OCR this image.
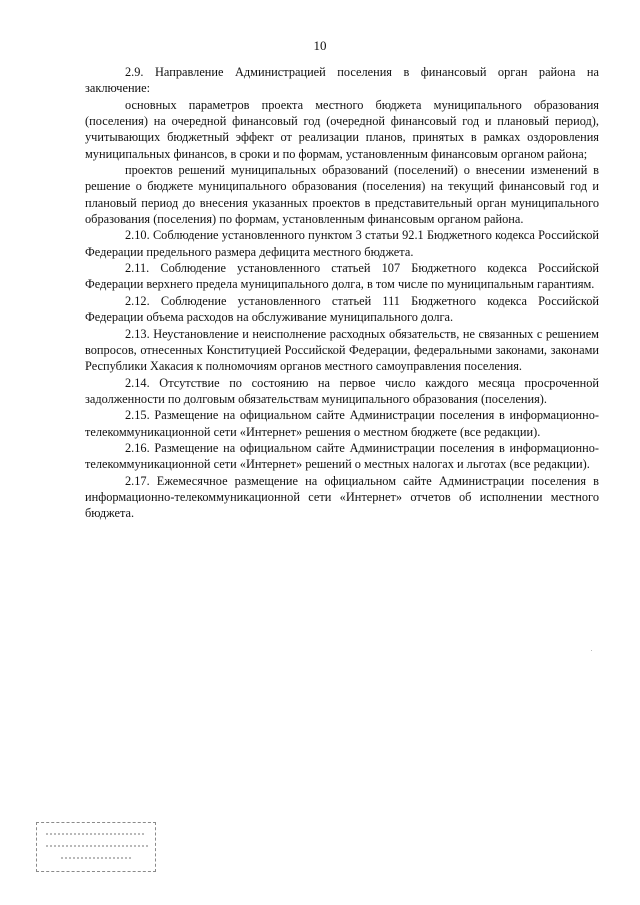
10

2.9. Направление Администрацией поселения в финансовый орган района на заключение:

основных параметров проекта местного бюджета муниципального образования (поселения) на очередной финансовый год (очередной финансовый год и плановый период), учитывающих бюджетный эффект от реализации планов, принятых в рамках оздоровления муниципальных финансов, в сроки и по формам, установленным финансовым органом района;

проектов решений муниципальных образований (поселений) о внесении изменений в решение о бюджете муниципального образования (поселения) на текущий финансовый год и плановый период до внесения указанных проектов в представительный орган муниципального образования (поселения) по формам, установленным финансовым органом района.

2.10. Соблюдение установленного пунктом 3 статьи 92.1 Бюджетного кодекса Российской Федерации предельного размера дефицита местного бюджета.

2.11. Соблюдение установленного статьей 107 Бюджетного кодекса Российской Федерации верхнего предела муниципального долга, в том числе по муниципальным гарантиям.

2.12. Соблюдение установленного статьей 111 Бюджетного кодекса Российской Федерации объема расходов на обслуживание муниципального долга.

2.13. Неустановление и неисполнение расходных обязательств, не связанных с решением вопросов, отнесенных Конституцией Российской Федерации, федеральными законами, законами Республики Хакасия к полномочиям органов местного самоуправления поселения.

2.14. Отсутствие по состоянию на первое число каждого месяца просроченной задолженности по долговым обязательствам муниципального образования (поселения).

2.15. Размещение на официальном сайте Администрации поселения в информационно-телекоммуникационной сети «Интернет» решения о местном бюджете (все редакции).

2.16. Размещение на официальном сайте Администрации поселения в информационно-телекоммуникационной сети «Интернет» решений о местных налогах и льготах (все редакции).

2.17. Ежемесячное размещение на официальном сайте Администрации поселения в информационно-телекоммуникационной сети «Интернет» отчетов об исполнении местного бюджета.
